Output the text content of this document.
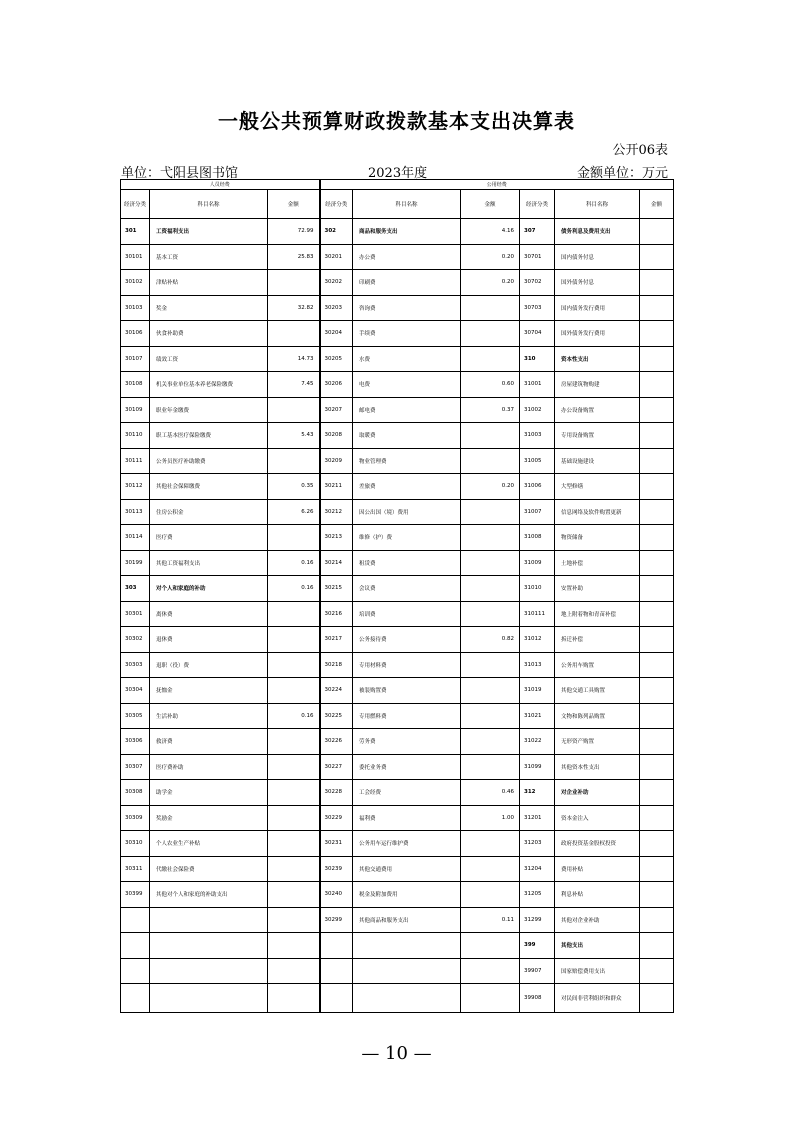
一般公共预算财政拨款基本支出决算表
公开06表
单位：弋阳县图书馆	2023年度	金额单位：万元
人员经费			公用经费					
经济分类	科目名称	金额	经济分类	科目名称	金额	经济分类	科目名称	金额
301	工资福利支出	72.99	302	商品和服务支出	4.16	307	债务利息及费用支出	
30101	基本工资	25.83	30201	办公费	0.20	30701	国内债务付息	
30102	津贴补贴		30202	印刷费	0.20	30702	国外债务付息	
30103	奖金	32.82	30203	咨询费		30703	国内债务发行费用	
30106	伙食补助费		30204	手续费		30704	国外债务发行费用	
30107	绩效工资	14.73	30205	水费		310	资本性支出	
30108	机关事业单位基本养老保险缴费	7.45	30206	电费	0.60	31001	房屋建筑物购建	
30109	职业年金缴费		30207	邮电费	0.37	31002	办公设备购置	
30110	职工基本医疗保险缴费	5.43	30208	取暖费		31003	专用设备购置	
30111	公务员医疗补助缴费		30209	物业管理费		31005	基础设施建设	
30112	其他社会保障缴费	0.35	30211	差旅费	0.20	31006	大型修缮	
30113	住房公积金	6.26	30212	因公出国（境）费用		31007	信息网络及软件购置更新	
30114	医疗费		30213	维修（护）费		31008	物资储备	
30199	其他工资福利支出	0.16	30214	租赁费		31009	土地补偿	
303	对个人和家庭的补助	0.16	30215	会议费		31010	安置补助	
30301	离休费		30216	培训费		310111	地上附着物和青苗补偿	
30302	退休费		30217	公务接待费	0.82	31012	拆迁补偿	
30303	退职（役）费		30218	专用材料费		31013	公务用车购置	
30304	抚恤金		30224	被装购置费		31019	其他交通工具购置	
30305	生活补助	0.16	30225	专用燃料费		31021	文物和陈列品购置	
30306	救济费		30226	劳务费		31022	无形资产购置	
30307	医疗费补助		30227	委托业务费		31099	其他资本性支出	
30308	助学金		30228	工会经费	0.46	312	对企业补助	
30309	奖励金		30229	福利费	1.00	31201	资本金注入	
30310	个人农业生产补贴		30231	公务用车运行维护费		31203	政府投资基金股权投资	
30311	代缴社会保险费		30239	其他交通费用		31204	费用补贴	
30399	其他对个人和家庭的补助支出		30240	税金及附加费用		31205	利息补贴	
			30299	其他商品和服务支出	0.11	31299	其他对企业补助	
						399	其他支出	
						39907	国家赔偿费用支出	
						39908	对民间非营利组织和群众	
— 10 —
